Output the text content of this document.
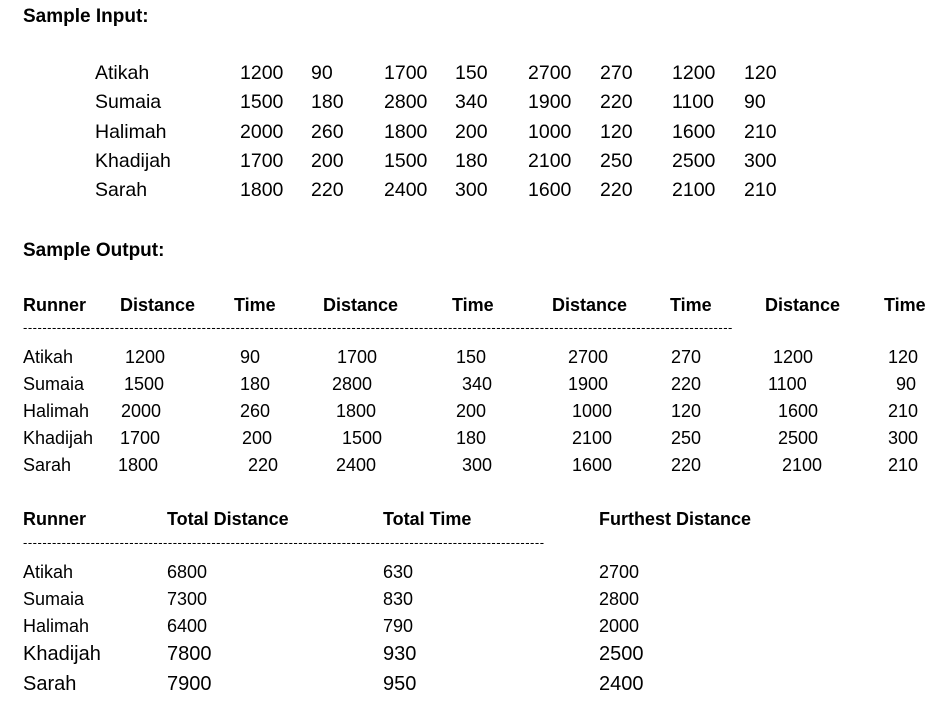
Sample Input:
Atikah	1200 90	1700 150 2700 270 1200 120
Sumaia	1500 180 2800 340 1900 220 1100 90
Halimah	2000 260 1800 200 1000 120 1600 210
Khadijah	1700 200 1500 180 2100 250 2500 300
Sarah	1800 220 2400 300 1600 220 2100 210
Sample Output:
Runner Distance Time	Distance	Time	Distance Time	Distance Time
---------------------------------------------------------------------------------------------------------------------------------------------------
Atikah	1200	90	1700	150	2700	270	1200	120
Sumaia 1500	180	2800	340	1900	220	1100	90
Halimah 2000	260	1800	200	1000	120	1600	210
Khadijah 1700	200	1500	180	2100	250	2500	300
Sarah	1800	220	2400	300	1600	220	2100	210
Runner	Total Distance	Total Time	Furthest Distance
------------------------------------------------------------------------------------------------------------
Atikah	6800	630	2700
Sumaia	7300	830	2800
Halimah	6400	790	2000
Khadijah	7800	930	2500
Sarah	7900	950	2400
